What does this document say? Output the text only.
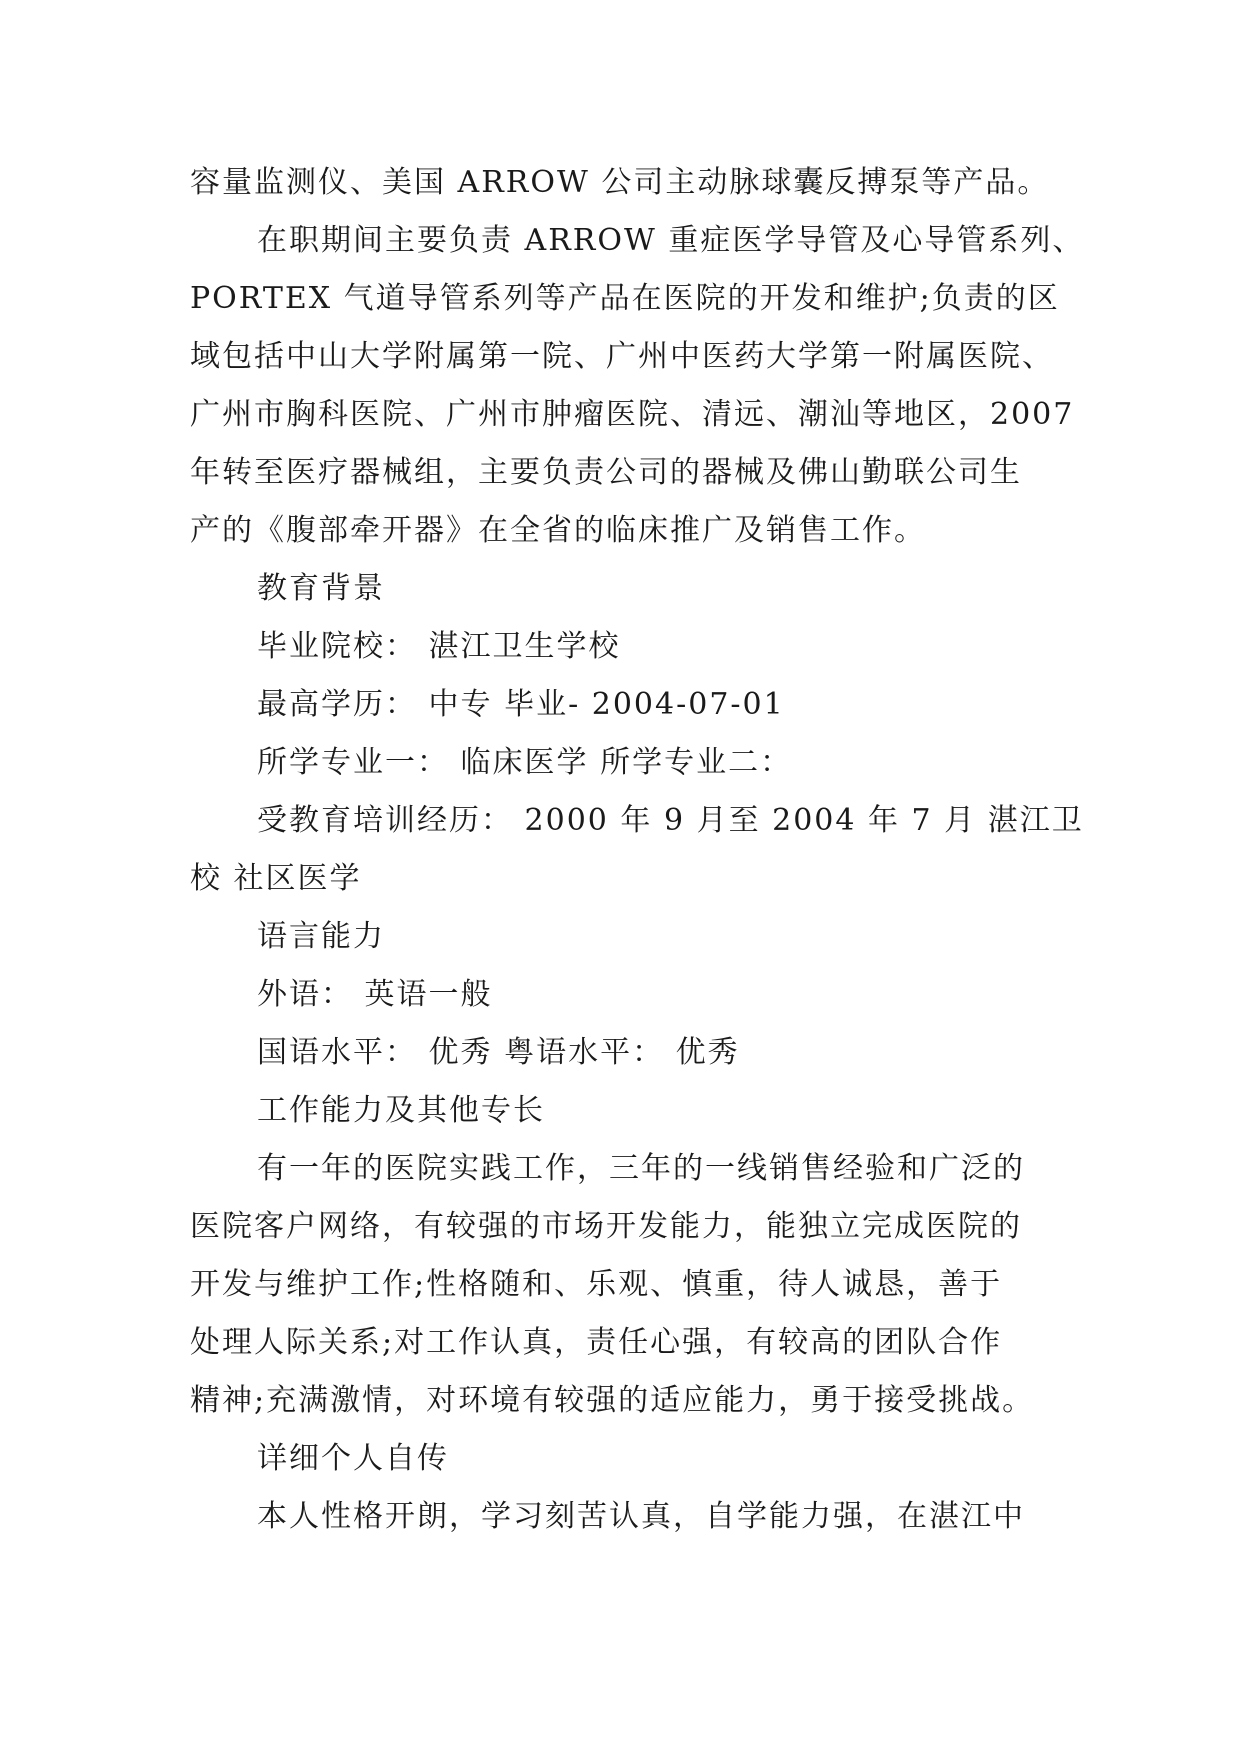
容量监测仪、美国 ARROW 公司主动脉球囊反搏泵等产品。

在职期间主要负责 ARROW 重症医学导管及心导管系列、

PORTEX 气道导管系列等产品在医院的开发和维护;负责的区

域包括中山大学附属第一院、广州中医药大学第一附属医院、

广州市胸科医院、广州市肿瘤医院、清远、潮汕等地区，2007

年转至医疗器械组，主要负责公司的器械及佛山勤联公司生

产的《腹部牵开器》在全省的临床推广及销售工作。

教育背景

毕业院校： 湛江卫生学校

最高学历： 中专 毕业- 2004-07-01

所学专业一： 临床医学 所学专业二：

受教育培训经历： 2000 年 9 月至 2004 年 7 月 湛江卫

校 社区医学

语言能力

外语： 英语一般

国语水平： 优秀 粤语水平： 优秀

工作能力及其他专长

有一年的医院实践工作，三年的一线销售经验和广泛的

医院客户网络，有较强的市场开发能力，能独立完成医院的

开发与维护工作;性格随和、乐观、慎重，待人诚恳，善于

处理人际关系;对工作认真，责任心强，有较高的团队合作

精神;充满激情，对环境有较强的适应能力，勇于接受挑战。

详细个人自传

本人性格开朗，学习刻苦认真，自学能力强，在湛江中
